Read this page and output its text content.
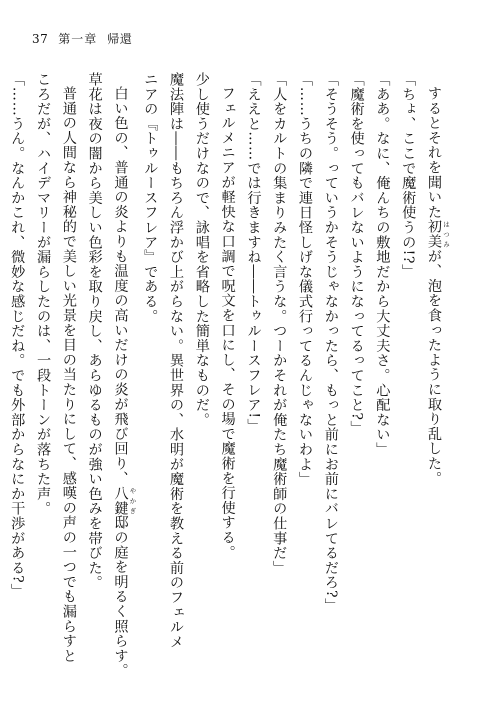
37 第一章 帰還

するとそれを聞いた初美 はつみが、泡を食ったように取り乱した。

「ちょ、ここで魔術使うの!?」

「ああ。なに、俺んちの敷地だから大丈夫さ。心配ない」

「魔術を使ってもバレないようになってるってこと?」

「そうそう。っていうかそうじゃなかったら、もっと前にお前にバレてるだろ?」

「……うちの隣で連日怪しげな儀式行ってるんじゃないわよ」

「人をカルトの集まりみたく言うな。つーかそれが俺たち魔術師の仕事だ」

「ええと……では行きますね――トゥルースフレア!」

フェルメニアが軽快な口調で呪文を口にし、その場で魔術を行使する。

少し使うだけなので、詠唱を省略した簡単なものだ。

魔法陣は――もちろん浮かび上がらない。異世界の、水明が魔術を教える前のフェルメ

ニアの『トゥルースフレア』である。

白い色の、普通の炎よりも温度の高いだけの炎が飛び回り、八鍵 やかぎ邸の庭を明るく照らす。

草花は夜の闇から美しい色彩を取り戻し、あらゆるものが強い色みを帯びた。

普通の人間なら神秘的で美しい光景を目の当たりにして、感嘆の声の一つでも漏らすと

ころだが、ハイデマリーが漏らしたのは、一段トーンが落ちた声。

「……うん。なんかこれ、微妙な感じだね。でも外部からなにか干渉がある?」
